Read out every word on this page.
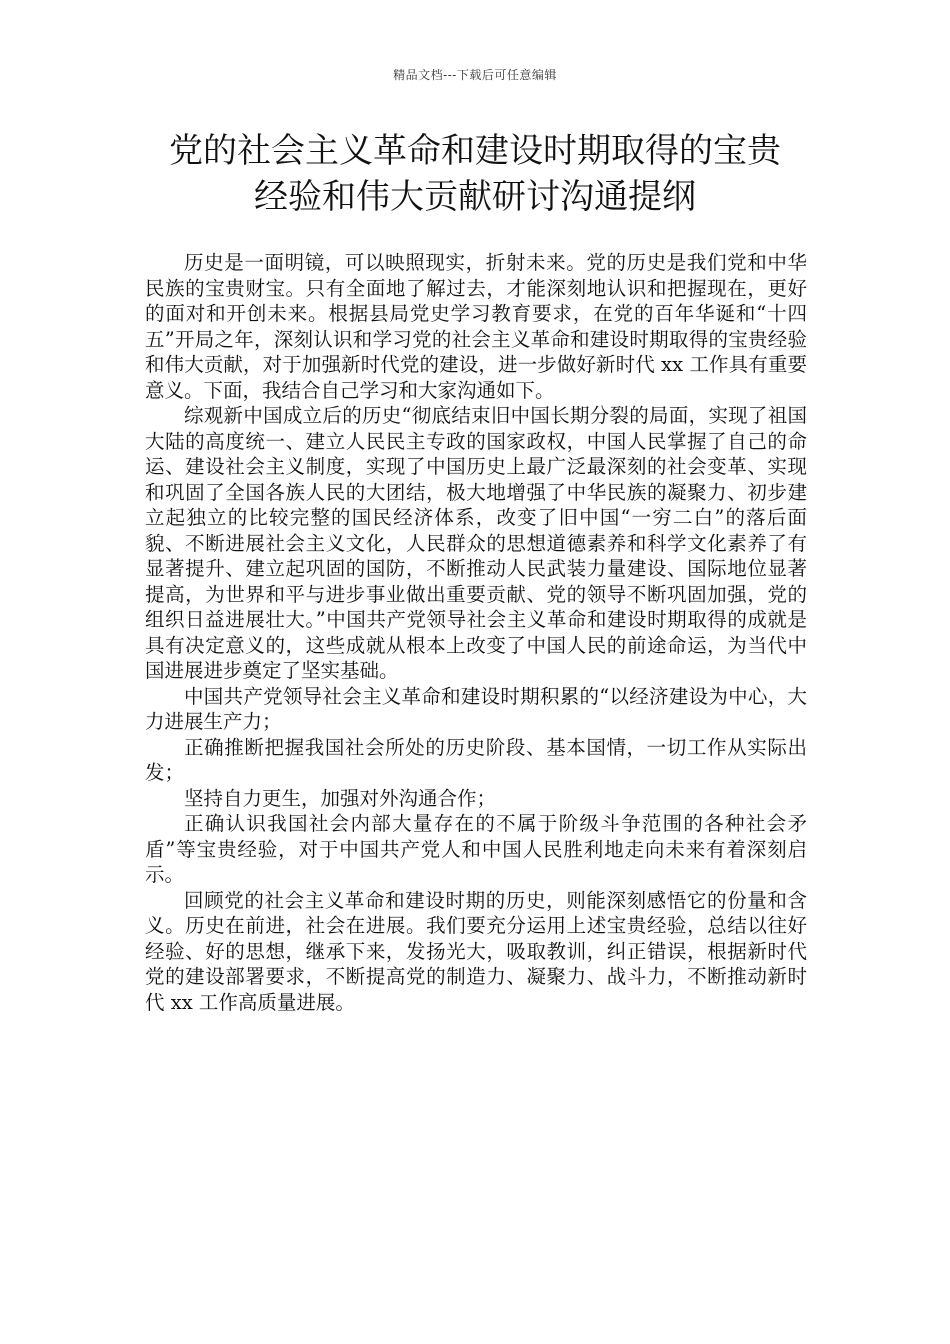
精品文档---下载后可任意编辑
党的社会主义革命和建设时期取得的宝贵
经验和伟大贡献研讨沟通提纲

历史是一面明镜，可以映照现实，折射未来。党的历史是我们党和中华民族的宝贵财宝。只有全面地了解过去，才能深刻地认识和把握现在，更好的面对和开创未来。根据县局党史学习教育要求，在党的百年华诞和“十四五”开局之年，深刻认识和学习党的社会主义革命和建设时期取得的宝贵经验和伟大贡献，对于加强新时代党的建设，进一步做好新时代 xx 工作具有重要意义。下面，我结合自己学习和大家沟通如下。

综观新中国成立后的历史“彻底结束旧中国长期分裂的局面，实现了祖国大陆的高度统一、建立人民民主专政的国家政权，中国人民掌握了自己的命运、建设社会主义制度，实现了中国历史上最广泛最深刻的社会变革、实现和巩固了全国各族人民的大团结，极大地增强了中华民族的凝聚力、初步建立起独立的比较完整的国民经济体系，改变了旧中国“一穷二白”的落后面貌、不断进展社会主义文化，人民群众的思想道德素养和科学文化素养了有显著提升、建立起巩固的国防，不断推动人民武装力量建设、国际地位显著提高，为世界和平与进步事业做出重要贡献、党的领导不断巩固加强，党的组织日益进展壮大。”中国共产党领导社会主义革命和建设时期取得的成就是具有决定意义的，这些成就从根本上改变了中国人民的前途命运，为当代中国进展进步奠定了坚实基础。

中国共产党领导社会主义革命和建设时期积累的“以经济建设为中心，大力进展生产力；

正确推断把握我国社会所处的历史阶段、基本国情，一切工作从实际出发；

坚持自力更生，加强对外沟通合作；

正确认识我国社会内部大量存在的不属于阶级斗争范围的各种社会矛盾”等宝贵经验，对于中国共产党人和中国人民胜利地走向未来有着深刻启示。

回顾党的社会主义革命和建设时期的历史，则能深刻感悟它的份量和含义。历史在前进，社会在进展。我们要充分运用上述宝贵经验，总结以往好经验、好的思想，继承下来，发扬光大，吸取教训，纠正错误，根据新时代党的建设部署要求，不断提高党的制造力、凝聚力、战斗力，不断推动新时代 xx 工作高质量进展。
